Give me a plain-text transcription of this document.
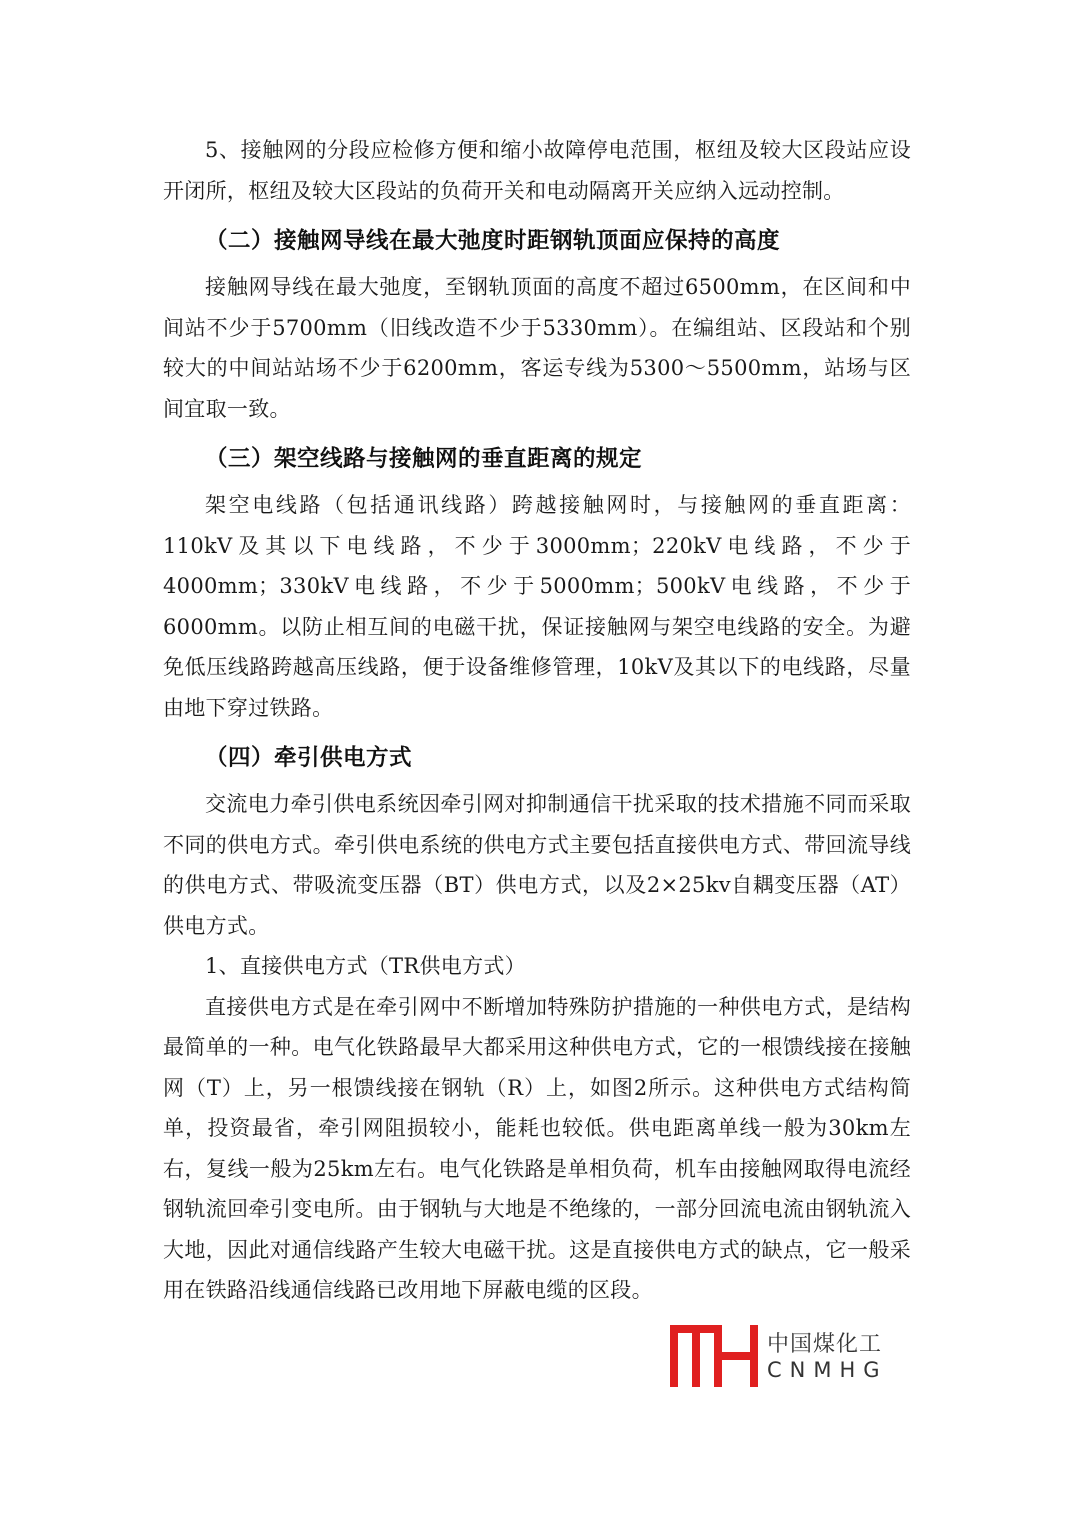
5、接触网的分段应检修方便和缩小故障停电范围，枢纽及较大区段站应设开闭所，枢纽及较大区段站的负荷开关和电动隔离开关应纳入远动控制。

（二）接触网导线在最大弛度时距钢轨顶面应保持的高度

接触网导线在最大弛度，至钢轨顶面的高度不超过6500mm，在区间和中间站不少于5700mm（旧线改造不少于5330mm）。在编组站、区段站和个别较大的中间站站场不少于6200mm，客运专线为5300～5500mm，站场与区间宜取一致。

（三）架空线路与接触网的垂直距离的规定

架空电线路（包括通讯线路）跨越接触网时，与接触网的垂直距离：110kV及其以下电线路，不少于3000mm；220kV电线路，不少于4000mm；330kV电线路，不少于5000mm；500kV电线路，不少于6000mm。以防止相互间的电磁干扰，保证接触网与架空电线路的安全。为避免低压线路跨越高压线路，便于设备维修管理，10kV及其以下的电线路，尽量由地下穿过铁路。

（四）牵引供电方式

交流电力牵引供电系统因牵引网对抑制通信干扰采取的技术措施不同而采取不同的供电方式。牵引供电系统的供电方式主要包括直接供电方式、带回流导线的供电方式、带吸流变压器（BT）供电方式，以及2×25kv自耦变压器（AT）供电方式。

1、直接供电方式（TR供电方式）

直接供电方式是在牵引网中不断增加特殊防护措施的一种供电方式，是结构最简单的一种。电气化铁路最早大都采用这种供电方式，它的一根馈线接在接触网（T）上，另一根馈线接在钢轨（R）上，如图2所示。这种供电方式结构简单，投资最省，牵引网阻损较小，能耗也较低。供电距离单线一般为30km左右，复线一般为25km左右。电气化铁路是单相负荷，机车由接触网取得电流经钢轨流回牵引变电所。由于钢轨与大地是不绝缘的，一部分回流电流由钢轨流入大地，因此对通信线路产生较大电磁干扰。这是直接供电方式的缺点，它一般采用在铁路沿线通信线路已改用地下屏蔽电缆的区段。

中国煤化工
CNMHG
